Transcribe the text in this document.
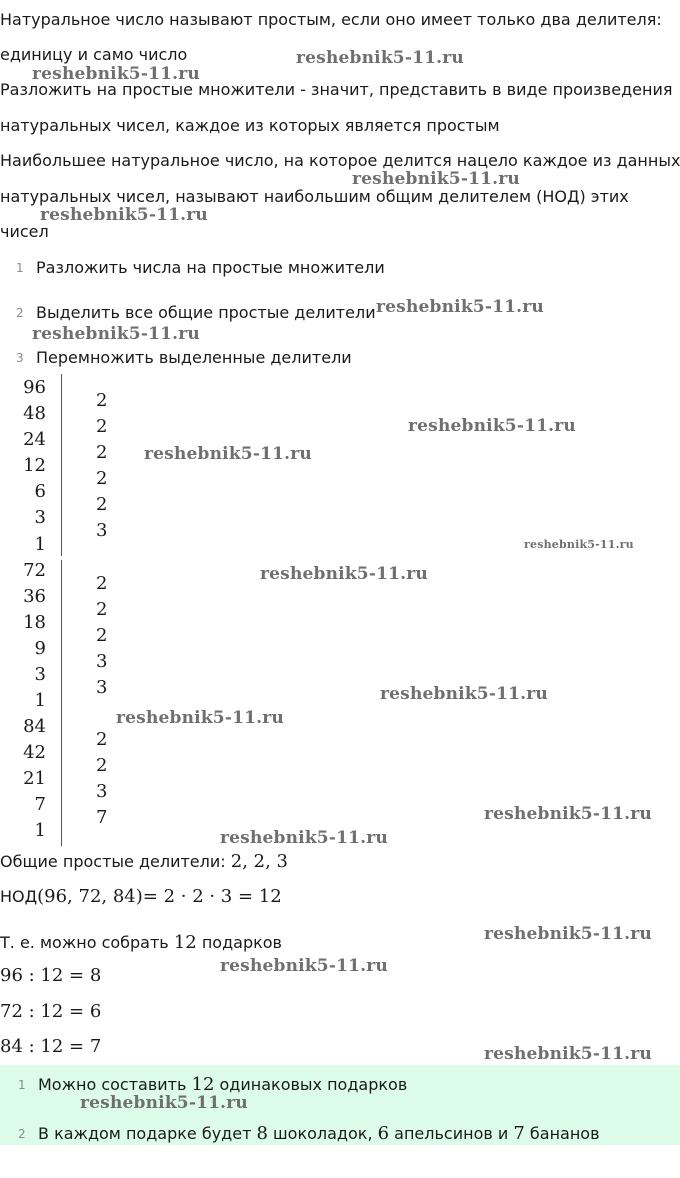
Натуральное число называют простым, если оно имеет только два делителя:
единицу и само число
Разложить на простые множители - значит, представить в виде произведения
натуральных чисел, каждое из которых является простым
Наибольшее натуральное число, на которое делится нацело каждое из данных
натуральных чисел, называют наибольшим общим делителем (НОД) этих
чисел
1 Разложить числа на простые множители
2 Выделить все общие простые делители
3 Перемножить выделенные делители
96
48
24
12
6
3
1
2
2
2
2
2
3
72
36
18
9
3
1
2
2
2
3
3
84
42
21
7
1
2
2
3
7
Общие простые делители: 2, 2, 3
НОД(96, 72, 84)= 2 · 2 · 3 = 12
Т. е. можно собрать 12 подарков
96 : 12 = 8
72 : 12 = 6
84 : 12 = 7
1 Можно составить 12 одинаковых подарков
2 В каждом подарке будет 8 шоколадок, 6 апельсинов и 7 бананов
reshebnik5-11.ru
reshebnik5-11.ru
reshebnik5-11.ru
reshebnik5-11.ru
reshebnik5-11.ru
reshebnik5-11.ru
reshebnik5-11.ru
reshebnik5-11.ru
reshebnik5-11.ru
reshebnik5-11.ru
reshebnik5-11.ru
reshebnik5-11.ru
reshebnik5-11.ru
reshebnik5-11.ru
reshebnik5-11.ru
reshebnik5-11.ru
reshebnik5-11.ru
reshebnik5-11.ru
